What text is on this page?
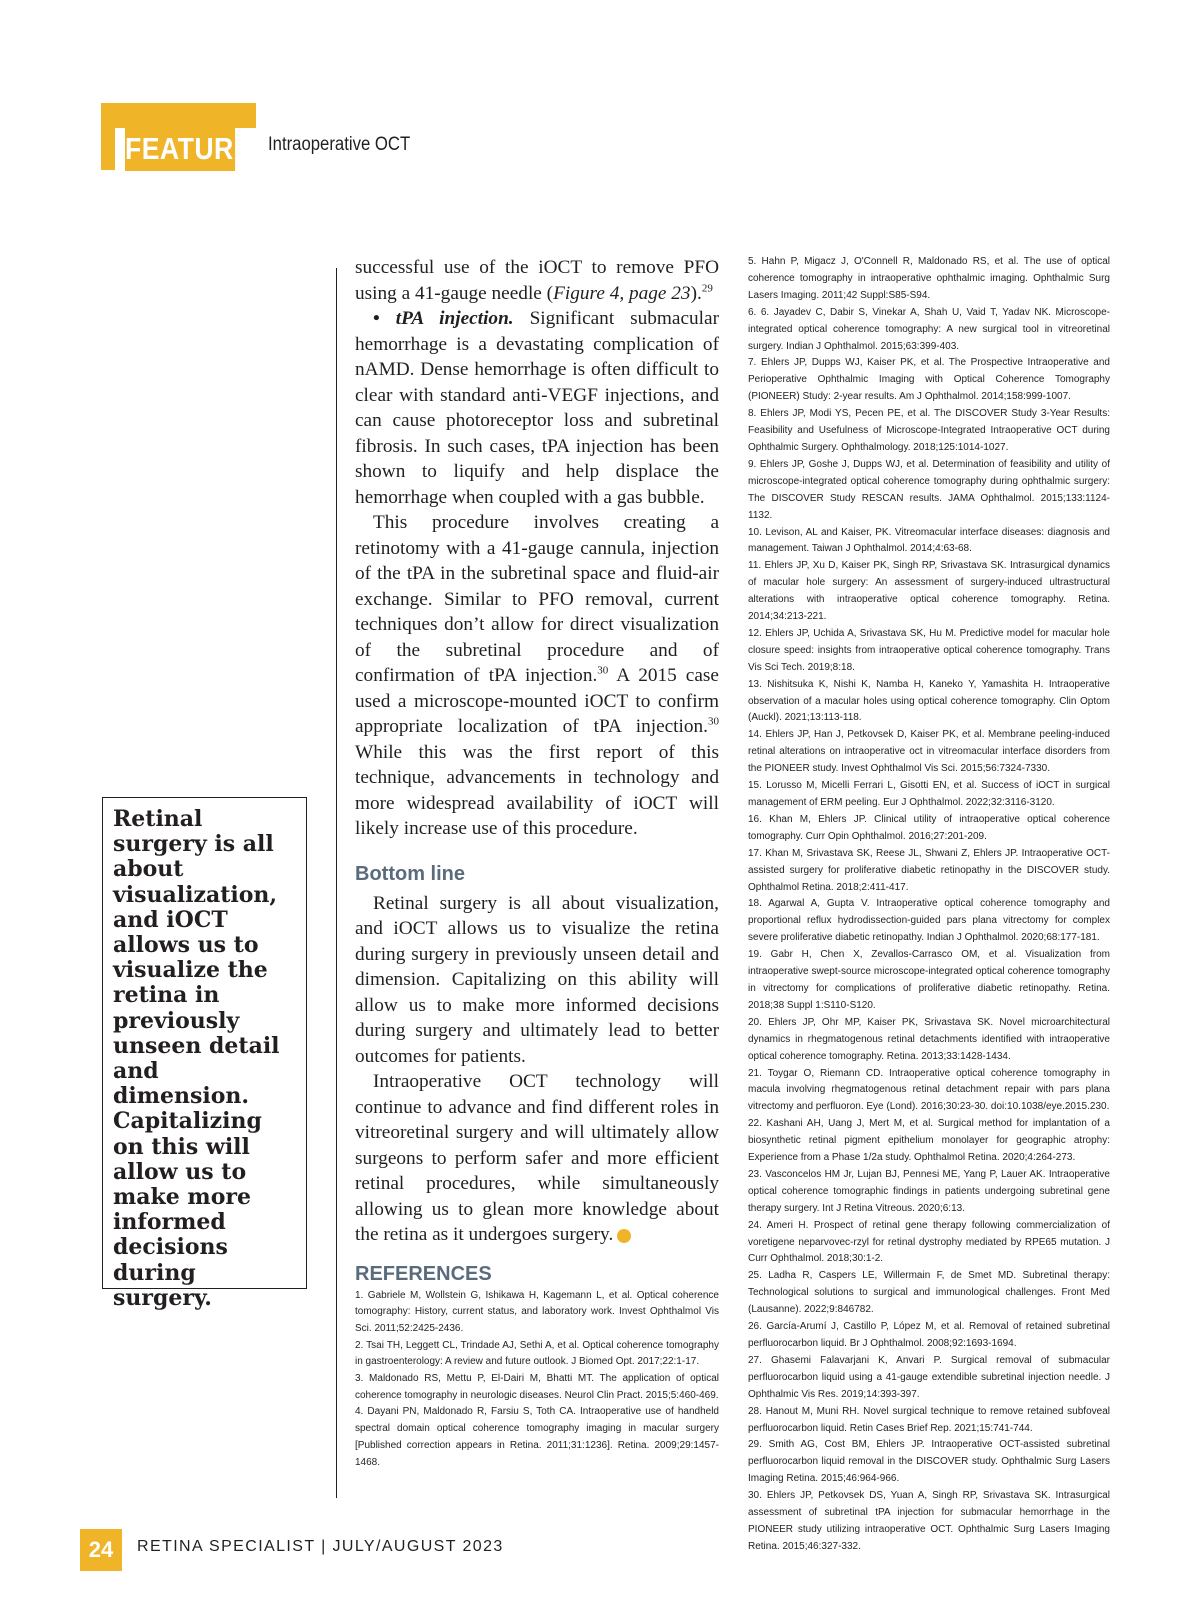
FEATURE Intraoperative OCT
Retinal surgery is all about visualization, and iOCT allows us to visualize the retina in previously unseen detail and dimension. Capitalizing on this will allow us to make more informed decisions during surgery.

successful use of the iOCT to remove PFO using a 41-gauge needle (Figure 4, page 23).$^{29}$

• tPA injection. Significant submacular hemorrhage is a devastating complication of nAMD. Dense hemorrhage is often difficult to clear with standard anti-VEGF injections, and can cause photoreceptor loss and subretinal fibrosis. In such cases, tPA injection has been shown to liquify and help displace the hemorrhage when coupled with a gas bubble.

This procedure involves creating a retinotomy with a 41-gauge cannula, injection of the tPA in the subretinal space and fluid-air exchange. Similar to PFO removal, current techniques don’t allow for direct visualization of the subretinal procedure and of confirmation of tPA injection.$^{30}$ A 2015 case used a microscope-mounted iOCT to confirm appropriate localization of tPA injection.$^{30}$ While this was the first report of this technique, advancements in technology and more widespread availability of iOCT will likely increase use of this procedure.

Bottom line

Retinal surgery is all about visualization, and iOCT allows us to visualize the retina during surgery in previously unseen detail and dimension. Capitalizing on this ability will allow us to make more informed decisions during surgery and ultimately lead to better outcomes for patients.

Intraoperative OCT technology will continue to advance and find different roles in vitreoretinal surgery and will ultimately allow surgeons to perform safer and more efficient retinal procedures, while simultaneously allowing us to glean more knowledge about the retina as it undergoes surgery.

REFERENCES

1. Gabriele M, Wollstein G, Ishikawa H, Kagemann L, et al. Optical coherence tomography: History, current status, and laboratory work. Invest Ophthalmol Vis Sci. 2011;52:2425-2436.

2. Tsai TH, Leggett CL, Trindade AJ, Sethi A, et al. Optical coherence tomography in gastroenterology: A review and future outlook. J Biomed Opt. 2017;22:1-17.

3. Maldonado RS, Mettu P, El-Dairi M, Bhatti MT. The application of optical coherence tomography in neurologic diseases. Neurol Clin Pract. 2015;5:460-469.

4. Dayani PN, Maldonado R, Farsiu S, Toth CA. Intraoperative use of handheld spectral domain optical coherence tomography imaging in macular surgery [Published correction appears in Retina. 2011;31:1236]. Retina. 2009;29:1457-1468.

5. Hahn P, Migacz J, O'Connell R, Maldonado RS, et al. The use of optical coherence tomography in intraoperative ophthalmic imaging. Ophthalmic Surg Lasers Imaging. 2011;42 Suppl:S85-S94.

6. 6. Jayadev C, Dabir S, Vinekar A, Shah U, Vaid T, Yadav NK. Microscope-integrated optical coherence tomography: A new surgical tool in vitreoretinal surgery. Indian J Ophthalmol. 2015;63:399-403.

7. Ehlers JP, Dupps WJ, Kaiser PK, et al. The Prospective Intraoperative and Perioperative Ophthalmic Imaging with Optical Coherence Tomography (PIONEER) Study: 2-year results. Am J Ophthalmol. 2014;158:999-1007.

8. Ehlers JP, Modi YS, Pecen PE, et al. The DISCOVER Study 3-Year Results: Feasibility and Usefulness of Microscope-Integrated Intraoperative OCT during Ophthalmic Surgery. Ophthalmology. 2018;125:1014-1027.

9. Ehlers JP, Goshe J, Dupps WJ, et al. Determination of feasibility and utility of microscope-integrated optical coherence tomography during ophthalmic surgery: The DISCOVER Study RESCAN results. JAMA Ophthalmol. 2015;133:1124-1132.

10. Levison, AL and Kaiser, PK. Vitreomacular interface diseases: diagnosis and management. Taiwan J Ophthalmol. 2014;4:63-68.

11. Ehlers JP, Xu D, Kaiser PK, Singh RP, Srivastava SK. Intrasurgical dynamics of macular hole surgery: An assessment of surgery-induced ultrastructural alterations with intraoperative optical coherence tomography. Retina. 2014;34:213-221.

12. Ehlers JP, Uchida A, Srivastava SK, Hu M. Predictive model for macular hole closure speed: insights from intraoperative optical coherence tomography. Trans Vis Sci Tech. 2019;8:18.

13. Nishitsuka K, Nishi K, Namba H, Kaneko Y, Yamashita H. Intraoperative observation of a macular holes using optical coherence tomography. Clin Optom (Auckl). 2021;13:113-118.

14. Ehlers JP, Han J, Petkovsek D, Kaiser PK, et al. Membrane peeling-induced retinal alterations on intraoperative oct in vitreomacular interface disorders from the PIONEER study. Invest Ophthalmol Vis Sci. 2015;56:7324-7330.

15. Lorusso M, Micelli Ferrari L, Gisotti EN, et al. Success of iOCT in surgical management of ERM peeling. Eur J Ophthalmol. 2022;32:3116-3120.

16. Khan M, Ehlers JP. Clinical utility of intraoperative optical coherence tomography. Curr Opin Ophthalmol. 2016;27:201-209.

17. Khan M, Srivastava SK, Reese JL, Shwani Z, Ehlers JP. Intraoperative OCT-assisted surgery for proliferative diabetic retinopathy in the DISCOVER study. Ophthalmol Retina. 2018;2:411-417.

18. Agarwal A, Gupta V. Intraoperative optical coherence tomography and proportional reflux hydrodissection-guided pars plana vitrectomy for complex severe proliferative diabetic retinopathy. Indian J Ophthalmol. 2020;68:177-181.

19. Gabr H, Chen X, Zevallos-Carrasco OM, et al. Visualization from intraoperative swept-source microscope-integrated optical coherence tomography in vitrectomy for complications of proliferative diabetic retinopathy. Retina. 2018;38 Suppl 1:S110-S120.

20. Ehlers JP, Ohr MP, Kaiser PK, Srivastava SK. Novel microarchitectural dynamics in rhegmatogenous retinal detachments identified with intraoperative optical coherence tomography. Retina. 2013;33:1428-1434.

21. Toygar O, Riemann CD. Intraoperative optical coherence tomography in macula involving rhegmatogenous retinal detachment repair with pars plana vitrectomy and perfluoron. Eye (Lond). 2016;30:23-30. doi:10.1038/eye.2015.230.

22. Kashani AH, Uang J, Mert M, et al. Surgical method for implantation of a biosynthetic retinal pigment epithelium monolayer for geographic atrophy: Experience from a Phase 1/2a study. Ophthalmol Retina. 2020;4:264-273.

23. Vasconcelos HM Jr, Lujan BJ, Pennesi ME, Yang P, Lauer AK. Intraoperative optical coherence tomographic findings in patients undergoing subretinal gene therapy surgery. Int J Retina Vitreous. 2020;6:13.

24. Ameri H. Prospect of retinal gene therapy following commercialization of voretigene neparvovec-rzyl for retinal dystrophy mediated by RPE65 mutation. J Curr Ophthalmol. 2018;30:1-2.

25. Ladha R, Caspers LE, Willermain F, de Smet MD. Subretinal therapy: Technological solutions to surgical and immunological challenges. Front Med (Lausanne). 2022;9:846782.

26. García-Arumí J, Castillo P, López M, et al. Removal of retained subretinal perfluorocarbon liquid. Br J Ophthalmol. 2008;92:1693-1694.

27. Ghasemi Falavarjani K, Anvari P. Surgical removal of submacular perfluorocarbon liquid using a 41-gauge extendible subretinal injection needle. J Ophthalmic Vis Res. 2019;14:393-397.

28. Hanout M, Muni RH. Novel surgical technique to remove retained subfoveal perfluorocarbon liquid. Retin Cases Brief Rep. 2021;15:741-744.

29. Smith AG, Cost BM, Ehlers JP. Intraoperative OCT-assisted subretinal perfluorocarbon liquid removal in the DISCOVER study. Ophthalmic Surg Lasers Imaging Retina. 2015;46:964-966.

30. Ehlers JP, Petkovsek DS, Yuan A, Singh RP, Srivastava SK. Intrasurgical assessment of subretinal tPA injection for submacular hemorrhage in the PIONEER study utilizing intraoperative OCT. Ophthalmic Surg Lasers Imaging Retina. 2015;46:327-332.

24	RETINA SPECIALIST | JULY/AUGUST 2023
